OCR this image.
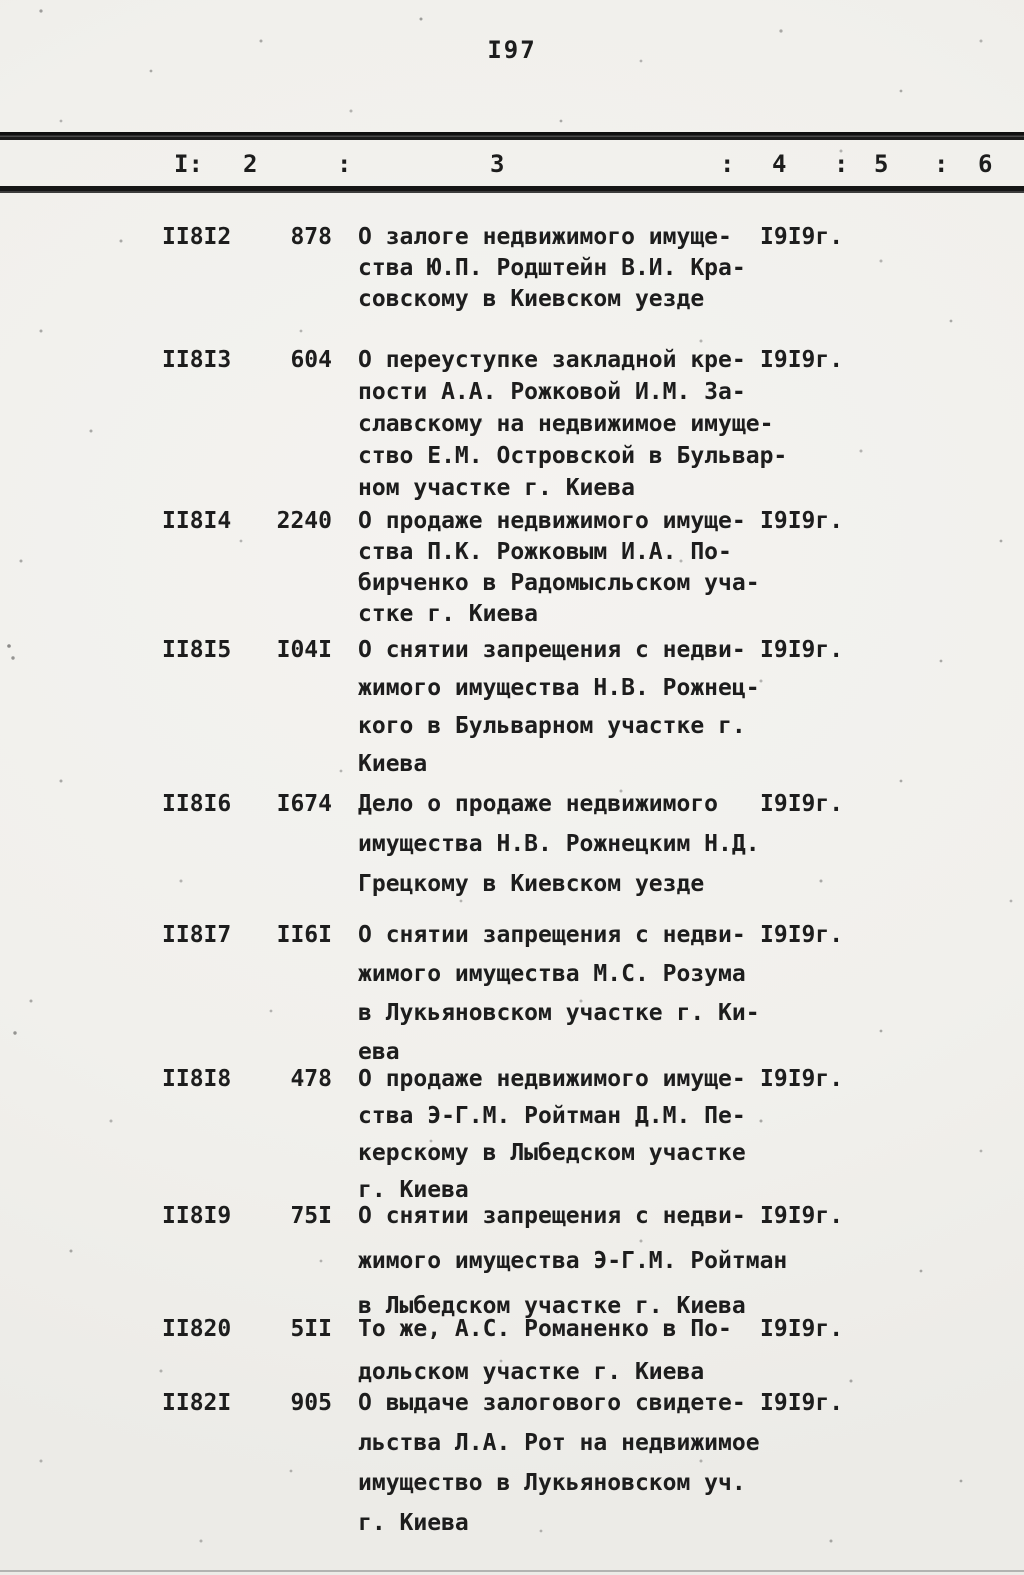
I97
I: 2	:	3	: 4 : 5 : 6
II8I2	878 О залоге недвижимого имуще-
ства Ю.П. Родштейн В.И. Кра-
совскому в Киевском уезде
I9I9г.
II8I3	604 О переуступке закладной кре-
пости А.А. Рожковой И.М. За-
славскому на недвижимое имуще-
ство Е.М. Островской в Бульвар-
ном участке г. Киева
I9I9г.
II8I4	2240 О продаже недвижимого имуще-
ства П.К. Рожковым И.А. По-
бирченко в Радомысльском уча-
стке г. Киева
I9I9г.
II8I5	I04I О снятии запрещения с недви-
жимого имущества Н.В. Рожнец-
кого в Бульварном участке г.
Киева
I9I9г.
II8I6	I674 Дело о продаже недвижимого
имущества Н.В. Рожнецким Н.Д.
Грецкому в Киевском уезде
I9I9г.
II8I7	II6I О снятии запрещения с недви-
жимого имущества М.С. Розума
в Лукьяновском участке г. Ки-
ева
I9I9г.
II8I8	478 О продаже недвижимого имуще-
ства Э-Г.М. Ройтман Д.М. Пе-
керскому в Лыбедском участке
г. Киева
I9I9г.
II8I9	75I О снятии запрещения с недви-
жимого имущества Э-Г.М. Ройтман
в Лыбедском участке г. Киева
I9I9г.
II820	5II То же, А.С. Романенко в По-
дольском участке г. Киева
I9I9г.
II82I	905 О выдаче залогового свидете-
льства Л.А. Рот на недвижимое
имущество в Лукьяновском уч.
г. Киева
I9I9г.
